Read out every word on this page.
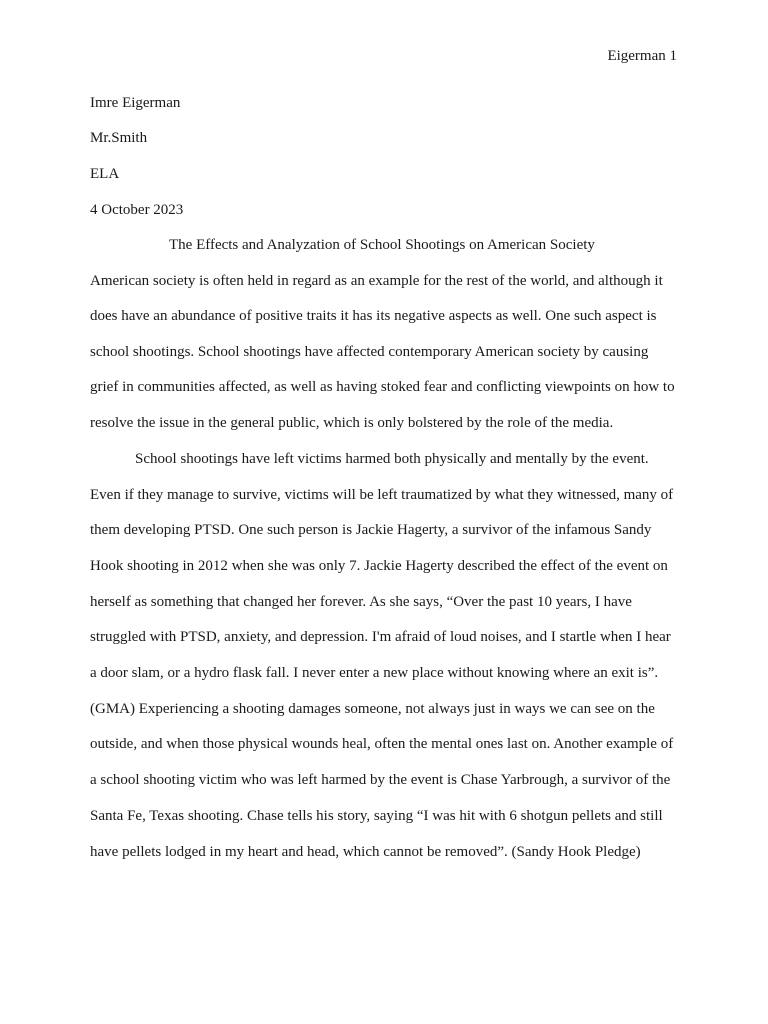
Eigerman 1
Imre Eigerman
Mr.Smith
ELA
4 October 2023
The Effects and Analyzation of School Shootings on American Society
American society is often held in regard as an example for the rest of the world, and although it
does have an abundance of positive traits it has its negative aspects as well. One such aspect is
school shootings. School shootings have affected contemporary American society by causing
grief in communities affected, as well as having stoked fear and conflicting viewpoints on how to
resolve the issue in the general public, which is only bolstered by the role of the media.
School shootings have left victims harmed both physically and mentally by the event.
Even if they manage to survive, victims will be left traumatized by what they witnessed, many of
them developing PTSD. One such person is Jackie Hagerty, a survivor of the infamous Sandy
Hook shooting in 2012 when she was only 7. Jackie Hagerty described the effect of the event on
herself as something that changed her forever. As she says, “Over the past 10 years, I have
struggled with PTSD, anxiety, and depression. I'm afraid of loud noises, and I startle when I hear
a door slam, or a hydro flask fall. I never enter a new place without knowing where an exit is”.
(GMA) Experiencing a shooting damages someone, not always just in ways we can see on the
outside, and when those physical wounds heal, often the mental ones last on. Another example of
a school shooting victim who was left harmed by the event is Chase Yarbrough, a survivor of the
Santa Fe, Texas shooting. Chase tells his story, saying “I was hit with 6 shotgun pellets and still
have pellets lodged in my heart and head, which cannot be removed”. (Sandy Hook Pledge)
